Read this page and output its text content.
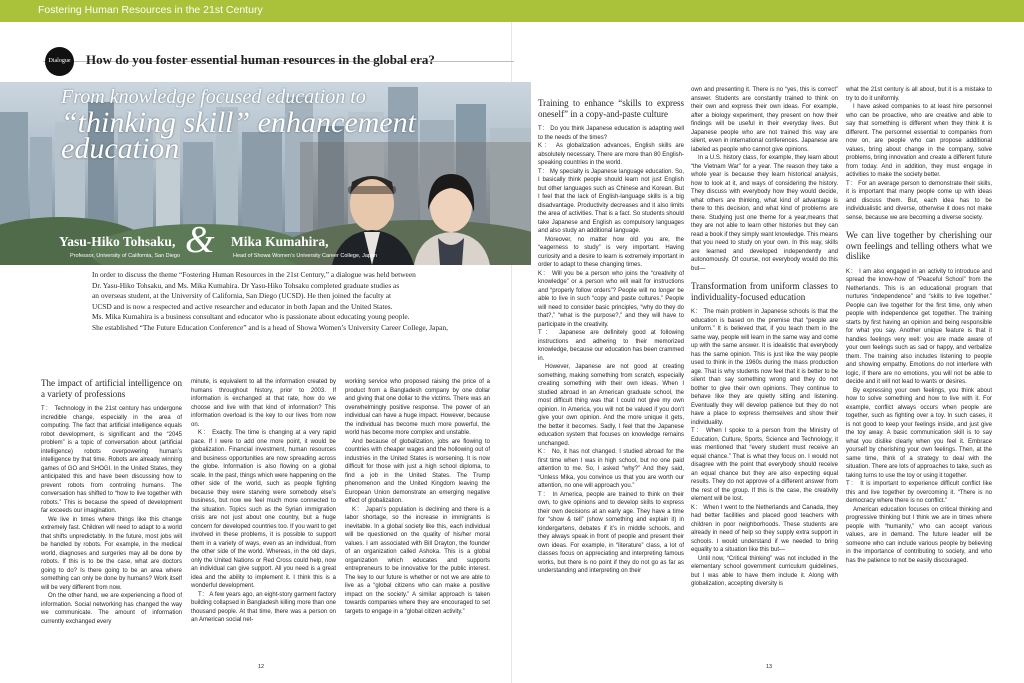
Fostering Human Resources in the 21st Century
Dialogue How do you foster essential human resources in the global era?
From knowledge focused education to
“thinking skill” enhancement education
Yasu-Hiko Tohsaku,
Professor, University of California, San Diego & Mika Kumahira,
Head of Showa Women’s University Career College, Japan
In order to discuss the theme “Fostering Human Resources in the 21st Century,” a dialogue was held between
Dr. Yasu-Hiko Tohsaku, and Ms. Mika Kumahira. Dr Yasu-Hiko Tohsaku completed graduate studies as
an overseas student, at the University of California, San Diego (UCSD). He then joined the faculty at
UCSD and is now a respected and active researcher and educator in both Japan and the United States.
Ms. Mika Kumahira is a business consultant and educator who is passionate about educating young people.
She established “The Future Education Conference” and is a head of Showa Women’s University Career College, Japan,
The impact of artificial intelligence on a variety of professions

T： Technology in the 21st century has undergone incredible change, especially in the area of computing. The fact that artificial intelligence equals robot development, is significant and the “2045 problem” is a topic of conversation about (artificial intelligence) robots overpowering human’s intelligence by that time. Robots are already winning games of GO and SHOGI. In the United States, they anticipated this and have been discussing how to prevent robots from controling humans. The conversation has shifted to “how to live together with robots.” This is because the speed of development far exceeds our imagination.

We live in times where things like this change extremely fast. Children will need to adapt to a world that shifts unpredictably. In the future, most jobs will be handled by robots. For example, in the medical world, diagnoses and surgeries may all be done by robots. If this is to be the case, what are doctors going to do? Is there going to be an area where something can only be done by humans? Work itself will be very different from now.

On the other hand, we are experiencing a flood of information. Social networking has changed the way we communicate. The amount of information currently exchanged every

minute, is equivalent to all the information created by humans throughout history, prior to 2003. If information is exchanged at that rate, how do we choose and live with that kind of information? This information overload is the key to our lives from now on.

K： Exactly. The time is changing at a very rapid pace. If I were to add one more point, it would be globalization. Financial investment, human resources and business opportunities are now spreading across the globe. Information is also flowing on a global scale. In the past, things which were happening on the other side of the world, such as people fighting because they were starving were somebody else’s business, but now we feel much more connected to the situation. Topics such as the Syrian immigration crisis are not just about one country, but a huge concern for developed countries too. If you want to get involved in these problems, it is possible to support them in a variety of ways, even as an individual, from the other side of the world. Whereas, in the old days, only the United Nations or Red Cross could help, now an individual can give support. All you need is a great idea and the ability to implement it. I think this is a wonderful development.

T： A few years ago, an eight-story garment factory building collapsed in Bangladesh killing more than one thousand people. At that time, there was a person on an American social net-

working service who proposed raising the price of a product from a Bangladesh company by one dollar and giving that one dollar to the victims. There was an overwhelmingly positive response. The power of an individual can have a huge impact. However, because the individual has become much more powerful, the world has become more complex and unstable.

And because of globalization, jobs are flowing to countries with cheaper wages and the hollowing out of industries in the United States is worsening. It is now difficult for those with just a high school diploma, to find a job in the United States. The Trump phenomenon and the United Kingdom leaving the European Union demonstrate an emerging negative effect of globalization.

K： Japan’s population is declining and there is a labor shortage, so the increase in immigrants is inevitable. In a global society like this, each individual will be questioned on the quality of his/her moral values. I am associated with Bill Drayton, the founder of an organization called Ashoka. This is a global organization which educates and supports entrepreneurs to be innovative for the public interest. The key to our future is whether or not we are able to live as a “global citizens who can make a positive impact on the society.” A similar approach is taken towards companies where they are encouraged to set targets to engage in a “global citizen activity.”

Training to enhance “skills to express oneself” in a copy-and-paste culture

T： Do you think Japanese education is adapting well to the needs of the times?

K： As globalization advances, English skills are absolutely necessary. There are more than 80 English-speaking countries in the world.

T： My specialty is Japanese language education. So, I basically think people should learn not just English but other languages such as Chinese and Korean. But I feel that the lack of English-language skills is a big disadvantage. Productivity decreases and it also limits the area of activities. That is a fact. So students should take Japanese and English as compulsory languages and also study an additional language.

Moreover, no matter how old you are, the “eagerness to study” is very important. Having curiosity and a desire to learn is extremely important in order to adapt to these changing times.

K： Will you be a person who joins the “creativity of knowledge” or a person who will wait for instructions and “properly follow orders”? People will no longer be able to live in such “copy and paste cultures.” People will need to consider basic principles, “why do they do that?,” “what is the purpose?,” and they will have to participate in the creativity.

T： Japanese are definitely good at following instructions and adhering to their memorized knowledge, because our education has been crammed in.

However, Japanese are not good at creating something, making something from scratch, especially creating something with their own ideas. When I studied abroad in an American graduate school, the most difficult thing was that I could not give my own opinion. In America, you will not be valued if you don’t give your own opinion. And the more unique it gets, the better it becomes. Sadly, I feel that the Japanese education system that focuses on knowledge remains unchanged.

K： No, it has not changed. I studied abroad for the first time when I was in high school, but no one paid attention to me. So, I asked “why?” And they said, “Unless Mika, you convince us that you are worth our attention, no one will approach you.”

T： In America, people are trained to think on their own, to give opinions and to develop skills to express their own decisions at an early age. They have a time for “show & tell” (show something and explain it) in kindergartens, debates if it’s in middle schools, and they always speak in front of people and present their own ideas. For example, in “literature” class, a lot of classes focus on appreciating and interpreting famous works, but there is no point if they do not go as far as understanding and interpreting on their

own and presenting it. There is no “yes, this is correct” answer. Students are constantly trained to think on their own and express their own ideas. For example, after a biology experiment, they present on how their findings will be useful in their everyday lives. But Japanese people who are not trained this way are silent, even in international conferences. Japanese are labeled as people who cannot give opinions.

In a U.S. history class, for example, they learn about “the Vietnam War” for a year. The reason they take a whole year is because they learn historical analysis, how to look at it, and ways of considering the history. They discuss with everybody how they would decide, what others are thinking, what kind of advantage is there to this decision, and what kind of problems are there. Studying just one theme for a year,means that they are not able to learn other histories but they can read a book if they simply want knowledge. This means that you need to study on your own. In this way, skills are learned and developed independently and autonomously. Of course, not everybody would do this but—

Transformation from uniform classes to individuality-focused education

K： The main problem in Japanese schools is that the education is based on the premise that “people are uniform.” It is believed that, if you teach them in the same way, people will learn in the same way and come up with the same answer. It is idealistic that everybody has the same opinion. This is just like the way people used to think in the 1960s during the mass production age. That is why students now feel that it is better to be silent than say something wrong and they do not bother to give their own opinions. They continue to behave like they are quietly sitting and listening. Eventually they will develop patience but they do not have a place to express themselves and show their individuality.

T： When I spoke to a person from the Ministry of Education, Culture, Sports, Science and Technology, it was mentioned that “every student must receive an equal chance.” That is what they focus on. I would not disagree with the point that everybody should receive an equal chance but they are also expecting equal results. They do not approve of a different answer from the rest of the group. If this is the case, the creativity element will be lost.

K： When I went to the Netherlands and Canada, they had better facilities and placed good teachers with children in poor neighborhoods. These students are already in need of help so they supply extra support in schools. I would understand if we needed to bring equality to a situation like this but—

Until now, “Critical thinking” was not included in the elementary school government curriculum guidelines, but I was able to have them include it. Along with globalization, accepting diversity is

what the 21st century is all about, but it is a mistake to try to do it uniformly.

I have asked companies to at least hire personnel who can be proactive, who are creative and able to say that something is different when they think it is different. The personnel essential to companies from now on, are people who can propose additional values, bring about change in the company, solve problems, bring innovation and create a different future from today. And in addition, they must engage in activities to make the society better.

T： For an average person to demonstrate their skills, it is important that many people come up with ideas and discuss them. But, each idea has to be individualistic and diverse, otherwise it does not make sense, because we are becoming a diverse society.

We can live together by cherishing our own feelings and telling others what we dislike

K： I am also engaged in an activity to introduce and spread the know-how of “Peaceful School” from the Netherlands. This is an educational program that nurtures “independence” and “skills to live together.” People can live together for the first time, only when people with independence get together. The training starts by first having an opinion and being responsible for what you say. Another unique feature is that it handles feelings very well: you are made aware of your own feelings such as sad or happy, and verbalize them. The training also includes listening to people and showing empathy. Emotions do not interfere with logic, if there are no emotions, you will not be able to decide and it will not lead to wants or desires.

By expressing your own feelings, you think about how to solve something and how to live with it. For example, conflict always occurs when people are together, such as fighting over a toy. In such cases, it is not good to keep your feelings inside, and just give the toy away. A basic communication skill is to say what you dislike clearly when you feel it. Embrace yourself by cherishing your own feelings. Then, at the same time, think of a strategy to deal with the situation. There are lots of approaches to take, such as taking turns to use the toy or using it together.

T： It is important to experience difficult conflict like this and live together by overcoming it. “There is no democracy where there is no conflict.”

American education focuses on critical thinking and progressive thinking but I think we are in times where people with “humanity,” who can accept various values, are in demand. The future leader will be someone who can include various people by believing in the importance of contributing to society, and who has the patience to not be easily discouraged.

12	13
